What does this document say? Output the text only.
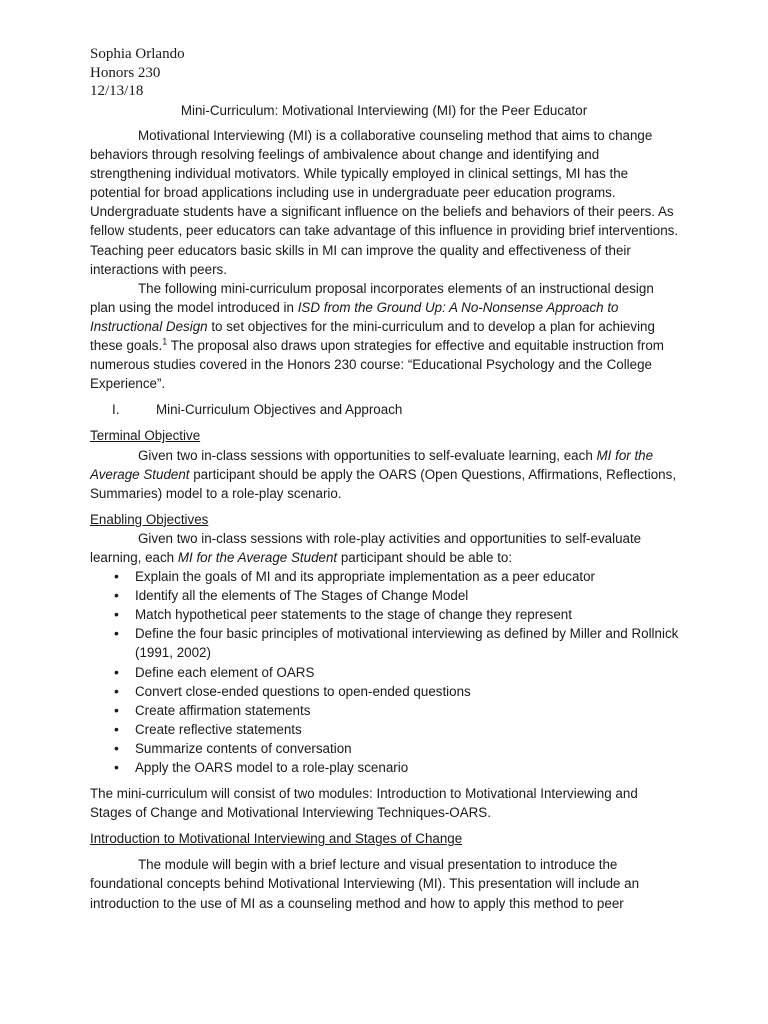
Sophia Orlando
Honors 230
12/13/18
Mini-Curriculum: Motivational Interviewing (MI) for the Peer Educator

Motivational Interviewing (MI) is a collaborative counseling method that aims to change behaviors through resolving feelings of ambivalence about change and identifying and strengthening individual motivators. While typically employed in clinical settings, MI has the potential for broad applications including use in undergraduate peer education programs. Undergraduate students have a significant influence on the beliefs and behaviors of their peers. As fellow students, peer educators can take advantage of this influence in providing brief interventions. Teaching peer educators basic skills in MI can improve the quality and effectiveness of their interactions with peers.

The following mini-curriculum proposal incorporates elements of an instructional design plan using the model introduced in ISD from the Ground Up: A No-Nonsense Approach to Instructional Design to set objectives for the mini-curriculum and to develop a plan for achieving these goals.$^1$ The proposal also draws upon strategies for effective and equitable instruction from numerous studies covered in the Honors 230 course: “Educational Psychology and the College Experience”.

I.	Mini-Curriculum Objectives and Approach

Terminal Objective

Given two in-class sessions with opportunities to self-evaluate learning, each MI for the Average Student participant should be apply the OARS (Open Questions, Affirmations, Reflections, Summaries) model to a role-play scenario.

Enabling Objectives

Given two in-class sessions with role-play activities and opportunities to self-evaluate learning, each MI for the Average Student participant should be able to:

• Explain the goals of MI and its appropriate implementation as a peer educator
• Identify all the elements of The Stages of Change Model
• Match hypothetical peer statements to the stage of change they represent
• Define the four basic principles of motivational interviewing as defined by Miller and Rollnick (1991, 2002)
• Define each element of OARS
• Convert close-ended questions to open-ended questions
• Create affirmation statements
• Create reflective statements
• Summarize contents of conversation
• Apply the OARS model to a role-play scenario

The mini-curriculum will consist of two modules: Introduction to Motivational Interviewing and Stages of Change and Motivational Interviewing Techniques-OARS.

Introduction to Motivational Interviewing and Stages of Change

The module will begin with a brief lecture and visual presentation to introduce the foundational concepts behind Motivational Interviewing (MI). This presentation will include an introduction to the use of MI as a counseling method and how to apply this method to peer
